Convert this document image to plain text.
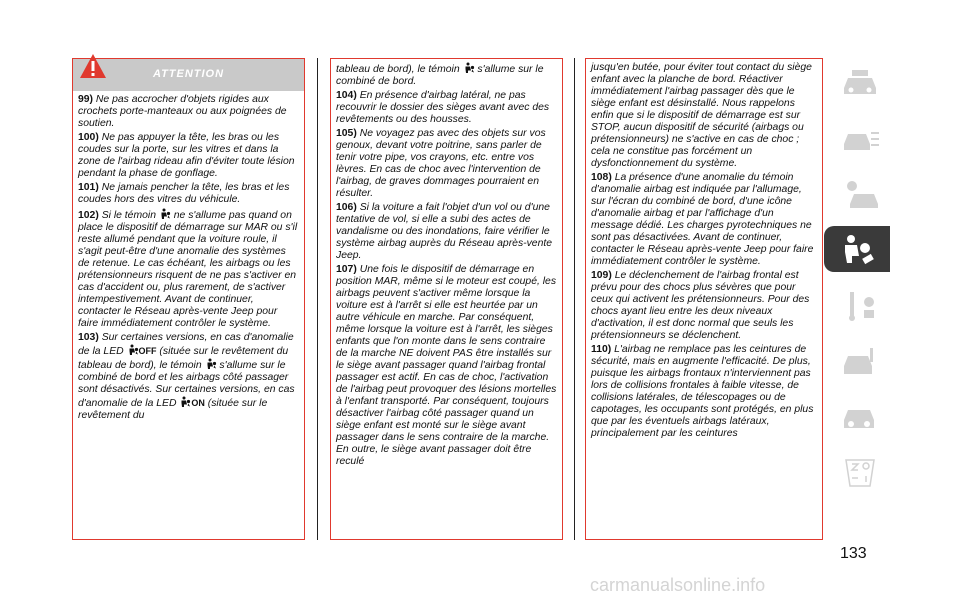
ATTENTION
99) Ne pas accrocher d'objets rigides aux crochets porte-manteaux ou aux poignées de soutien.
100) Ne pas appuyer la tête, les bras ou les coudes sur la porte, sur les vitres et dans la zone de l'airbag rideau afin d'éviter toute lésion pendant la phase de gonflage.
101) Ne jamais pencher la tête, les bras et les coudes hors des vitres du véhicule.
102) Si le témoin ne s'allume pas quand on place le dispositif de démarrage sur MAR ou s'il reste allumé pendant que la voiture roule, il s'agit peut-être d'une anomalie des systèmes de retenue. Le cas échéant, les airbags ou les prétensionneurs risquent de ne pas s'activer en cas d'accident ou, plus rarement, de s'activer intempestivement. Avant de continuer, contacter le Réseau après-vente Jeep pour faire immédiatement contrôler le système.
103) Sur certaines versions, en cas d'anomalie de la LED OFF (située sur le revêtement du tableau de bord), le témoin s'allume sur le combiné de bord et les airbags côté passager sont désactivés. Sur certaines versions, en cas d'anomalie de la LED ON (située sur le revêtement du
tableau de bord), le témoin s'allume sur le combiné de bord.
104) En présence d'airbag latéral, ne pas recouvrir le dossier des sièges avant avec des revêtements ou des housses.
105) Ne voyagez pas avec des objets sur vos genoux, devant votre poitrine, sans parler de tenir votre pipe, vos crayons, etc. entre vos lèvres. En cas de choc avec l'intervention de l'airbag, de graves dommages pourraient en résulter.
106) Si la voiture a fait l'objet d'un vol ou d'une tentative de vol, si elle a subi des actes de vandalisme ou des inondations, faire vérifier le système airbag auprès du Réseau après-vente Jeep.
107) Une fois le dispositif de démarrage en position MAR, même si le moteur est coupé, les airbags peuvent s'activer même lorsque la voiture est à l'arrêt si elle est heurtée par un autre véhicule en marche. Par conséquent, même lorsque la voiture est à l'arrêt, les sièges enfants que l'on monte dans le sens contraire de la marche NE doivent PAS être installés sur le siège avant passager quand l'airbag frontal passager est actif. En cas de choc, l'activation de l'airbag peut provoquer des lésions mortelles à l'enfant transporté. Par conséquent, toujours désactiver l'airbag côté passager quand un siège enfant est monté sur le siège avant passager dans le sens contraire de la marche. En outre, le siège avant passager doit être reculé
jusqu'en butée, pour éviter tout contact du siège enfant avec la planche de bord. Réactiver immédiatement l'airbag passager dès que le siège enfant est désinstallé. Nous rappelons enfin que si le dispositif de démarrage est sur STOP, aucun dispositif de sécurité (airbags ou prétensionneurs) ne s'active en cas de choc ; cela ne constitue pas forcément un dysfonctionnement du système.
108) La présence d'une anomalie du témoin d'anomalie airbag est indiquée par l'allumage, sur l'écran du combiné de bord, d'une icône d'anomalie airbag et par l'affichage d'un message dédié. Les charges pyrotechniques ne sont pas désactivées. Avant de continuer, contacter le Réseau après-vente Jeep pour faire immédiatement contrôler le système.
109) Le déclenchement de l'airbag frontal est prévu pour des chocs plus sévères que pour ceux qui activent les prétensionneurs. Pour des chocs ayant lieu entre les deux niveaux d'activation, il est donc normal que seuls les prétensionneurs se déclenchent.
110) L'airbag ne remplace pas les ceintures de sécurité, mais en augmente l'efficacité. De plus, puisque les airbags frontaux n'interviennent pas lors de collisions frontales à faible vitesse, de collisions latérales, de télescopages ou de capotages, les occupants sont protégés, en plus que par les éventuels airbags latéraux, principalement par les ceintures
133
carmanualsonline.info
